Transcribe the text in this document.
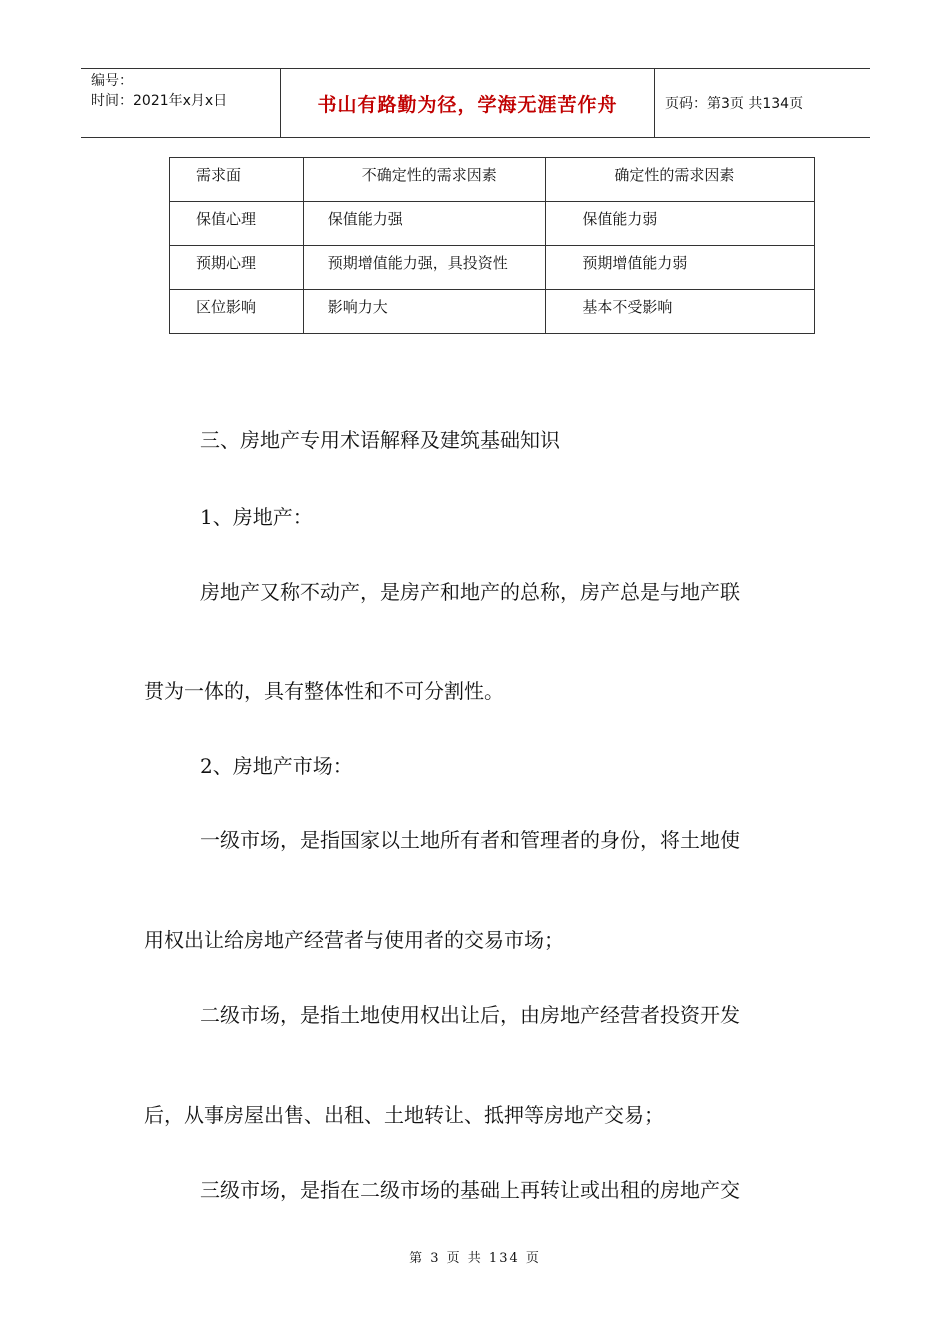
编号：
时间：2021年x月x日	书山有路勤为径，学海无涯苦作舟	页码：第3页 共134页
需求面	不确定性的需求因素	确定性的需求因素
保值心理	保值能力强	保值能力弱
预期心理	预期增值能力强，具投资性	预期增值能力弱
区位影响	影响力大	基本不受影响
三、房地产专用术语解释及建筑基础知识
1、房地产：
房地产又称不动产，是房产和地产的总称，房产总是与地产联
贯为一体的，具有整体性和不可分割性。
2、房地产市场：
一级市场，是指国家以土地所有者和管理者的身份，将土地使
用权出让给房地产经营者与使用者的交易市场；
二级市场，是指土地使用权出让后，由房地产经营者投资开发
后，从事房屋出售、出租、土地转让、抵押等房地产交易；
三级市场，是指在二级市场的基础上再转让或出租的房地产交
第 3 页 共 134 页
